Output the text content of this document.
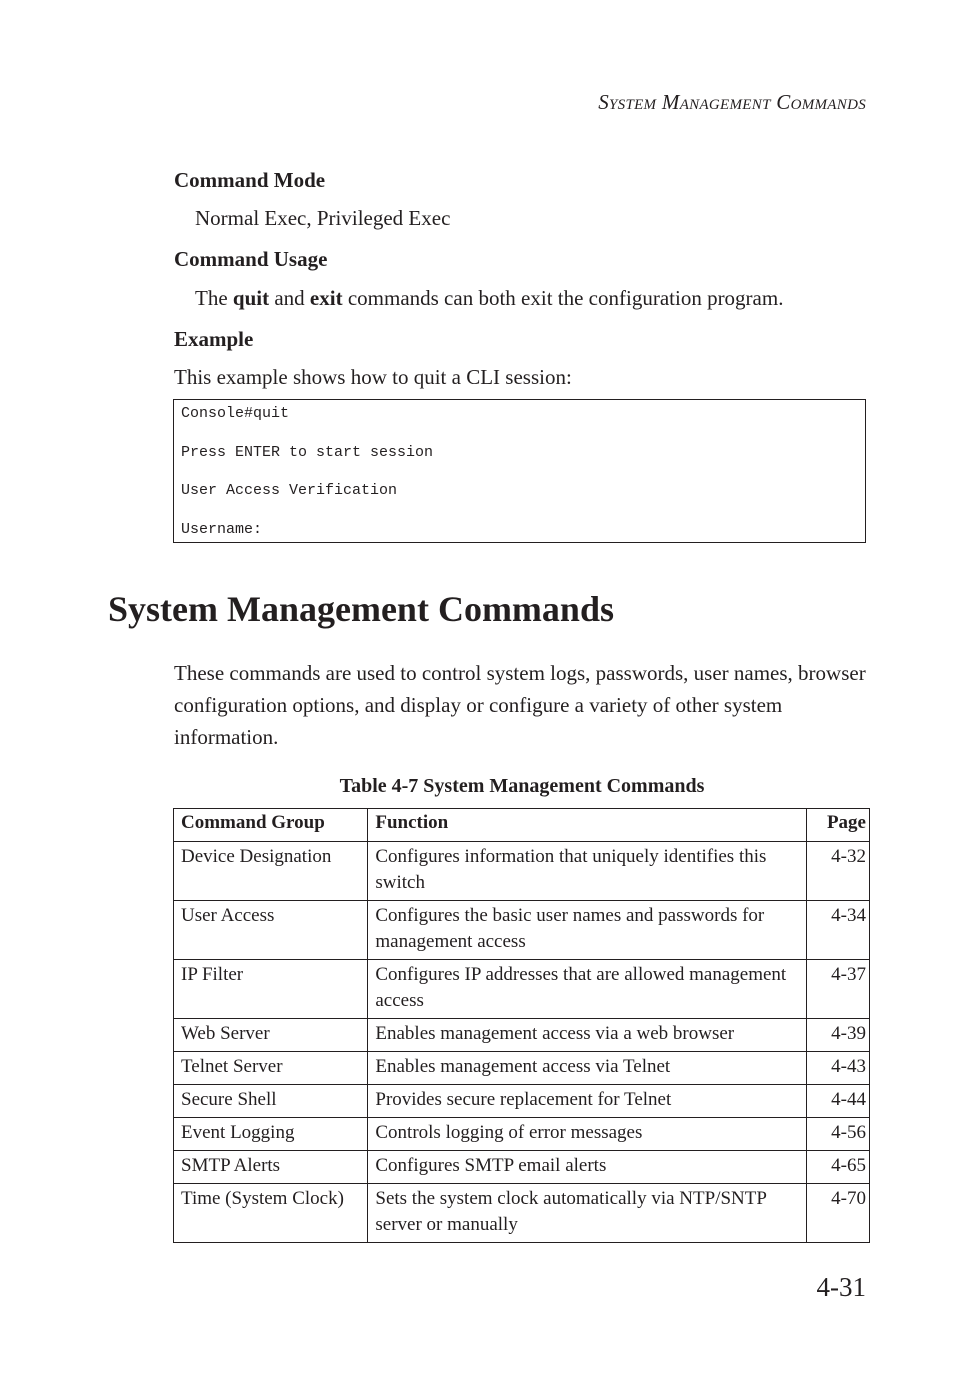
System Management Commands
Command Mode
Normal Exec, Privileged Exec
Command Usage
The quit and exit commands can both exit the configuration program.
Example
This example shows how to quit a CLI session:
Console#quit
Press ENTER to start session
User Access Verification
Username:
System Management Commands
These commands are used to control system logs, passwords, user names, browser configuration options, and display or configure a variety of other system information.
Table 4-7 System Management Commands
Command Group	Function	Page
Device Designation	Configures information that uniquely identifies this switch	4-32
User Access	Configures the basic user names and passwords for management access	4-34
IP Filter	Configures IP addresses that are allowed management access	4-37
Web Server	Enables management access via a web browser	4-39
Telnet Server	Enables management access via Telnet	4-43
Secure Shell	Provides secure replacement for Telnet	4-44
Event Logging	Controls logging of error messages	4-56
SMTP Alerts	Configures SMTP email alerts	4-65
Time (System Clock)	Sets the system clock automatically via NTP/SNTP server or manually	4-70
4-31
